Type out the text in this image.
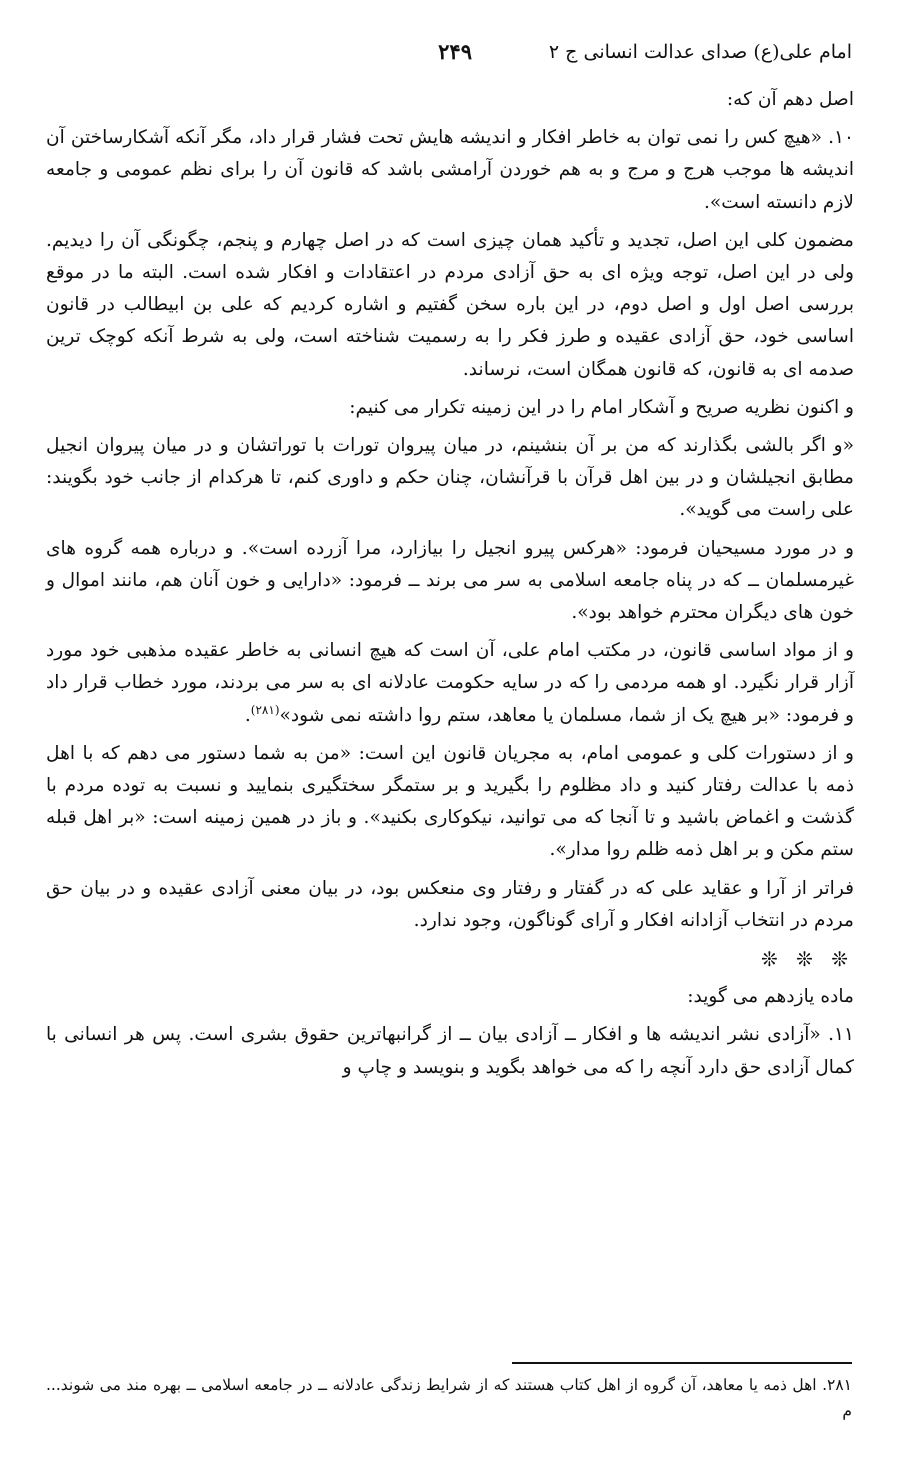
امام علی(ع) صدای عدالت انسانی ج ۲
۲۴۹

اصل دهم آن که:

۱۰. «هیچ کس را نمی توان به خاطر افکار و اندیشه هایش تحت فشار قرار داد، مگر آنکه آشکارساختن آن اندیشه ها موجب هرج و مرج و به هم خوردن آرامشی باشد که قانون آن را برای نظم عمومی و جامعه لازم دانسته است».

مضمون کلی این اصل، تجدید و تأکید همان چیزی است که در اصل چهارم و پنجم، چگونگی آن را دیدیم. ولی در این اصل، توجه ویژه ای به حق آزادی مردم در اعتقادات و افکار شده است. البته ما در موقع بررسی اصل اول و اصل دوم، در این باره سخن گفتیم و اشاره کردیم که علی بن ابیطالب در قانون اساسی خود، حق آزادی عقیده و طرز فکر را به رسمیت شناخته است، ولی به شرط آنکه کوچک ترین صدمه ای به قانون، که قانون همگان است، نرساند.

و اکنون نظریه صریح و آشکار امام را در این زمینه تکرار می کنیم:

«و اگر بالشی بگذارند که من بر آن بنشینم، در میان پیروان تورات با توراتشان و در میان پیروان انجیل مطابق انجیلشان و در بین اهل قرآن با قرآنشان، چنان حکم و داوری کنم، تا هرکدام از جانب خود بگویند: علی راست می گوید».

و در مورد مسیحیان فرمود: «هرکس پیرو انجیل را بیازارد، مرا آزرده است». و درباره همه گروه های غیرمسلمان ــ که در پناه جامعه اسلامی به سر می برند ــ فرمود: «دارایی و خون آنان هم، مانند اموال و خون های دیگران محترم خواهد بود».

و از مواد اساسی قانون، در مکتب امام علی، آن است که هیچ انسانی به خاطر عقیده مذهبی خود مورد آزار قرار نگیرد. او همه مردمی را که در سایه حکومت عادلانه ای به سر می بردند، مورد خطاب قرار داد و فرمود: «بر هیچ یک از شما، مسلمان یا معاهد، ستم روا داشته نمی شود»$^{(۲۸۱)}$.

و از دستورات کلی و عمومی امام، به مجریان قانون این است: «من به شما دستور می دهم که با اهل ذمه با عدالت رفتار کنید و داد مظلوم را بگیرید و بر ستمگر سختگیری بنمایید و نسبت به توده مردم با گذشت و اغماض باشید و تا آنجا که می توانید، نیکوکاری بکنید». و باز در همین زمینه است: «بر اهل قبله ستم مکن و بر اهل ذمه ظلم روا مدار».

فراتر از آرا و عقاید علی که در گفتار و رفتار وی منعکس بود، در بیان معنی آزادی عقیده و در بیان حق مردم در انتخاب آزادانه افکار و آرای گوناگون، وجود ندارد.

❊ ❊ ❊

ماده یازدهم می گوید:

۱۱. «آزادی نشر اندیشه ها و افکار ــ آزادی بیان ــ از گرانبهاترین حقوق بشری است. پس هر انسانی با کمال آزادی حق دارد آنچه را که می خواهد بگوید و بنویسد و چاپ و

۲۸۱. اهل ذمه یا معاهد، آن گروه از اهل کتاب هستند که از شرایط زندگی عادلانه ــ در جامعه اسلامی ــ بهره مند می شوند... م
